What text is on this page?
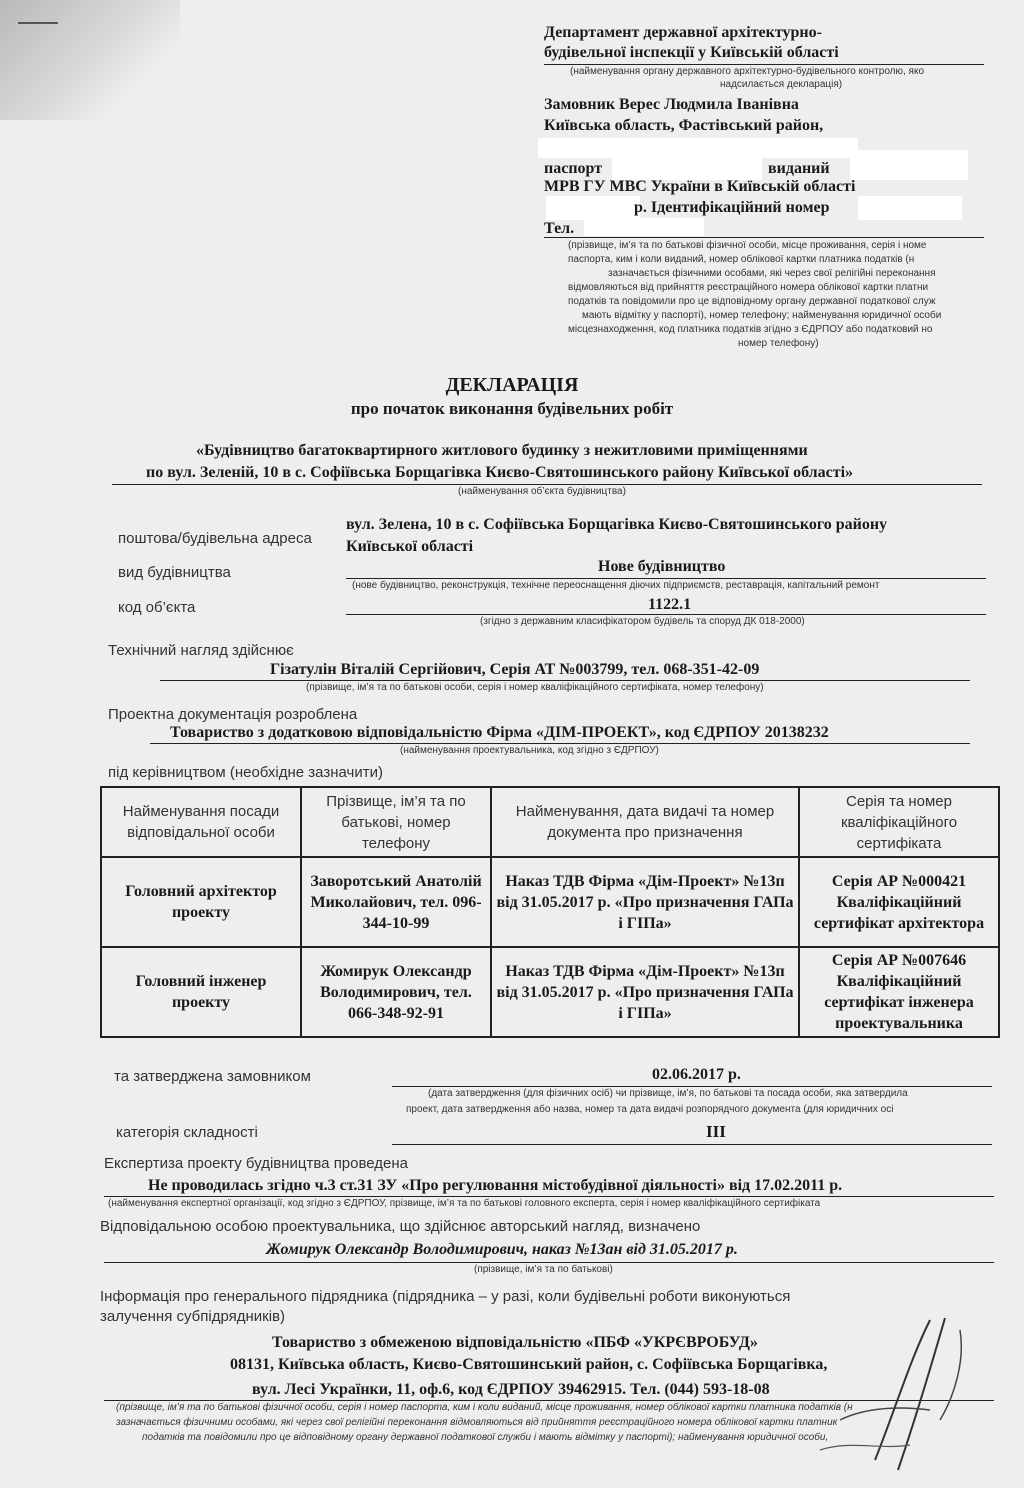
Департамент державної архітектурно-
будівельної інспекції у Київській області
(найменування органу державного архітектурно-будівельного контролю, яко
надсилається декларація)
Замовник Верес Людмила Іванівна
Київська область, Фастівський район,
паспорт	виданий
МРВ ГУ МВС України в Київській області
р. Ідентифікаційний номер
Тел.
(прізвище, ім’я та по батькові фізичної особи, місце проживання, серія і номе
паспорта, ким і коли виданий, номер облікової картки платника податків (н
зазначається фізичними особами, які через свої релігійні переконання
відмовляються від прийняття реєстраційного номера облікової картки платни
податків та повідомили про це відповідному органу державної податкової служ
мають відмітку у паспорті), номер телефону; найменування юридичної особи
місцезнаходження, код платника податків згідно з ЄДРПОУ або податковий но
номер телефону)
ДЕКЛАРАЦІЯ
про початок виконання будівельних робіт
«Будівництво багатоквартирного житлового будинку з нежитловими приміщеннями
по вул. Зеленій, 10 в с. Софіївська Борщагівка Києво-Святошинського району Київської області»
(найменування об’єкта будівництва)
поштова/будівельна адреса
вул. Зелена, 10 в с. Софіївська Борщагівка Києво-Святошинського району
Київської області
вид будівництва	Нове будівництво
(нове будівництво, реконструкція, технічне переоснащення діючих підприємств, реставрація, капітальний ремонт
код об’єкта	1122.1
(згідно з державним класифікатором будівель та споруд ДК 018-2000)
Технічний нагляд здійснює
Гізатулін Віталій Сергійович, Серія АТ №003799, тел. 068-351-42-09
(прізвище, ім’я та по батькові особи, серія і номер кваліфікаційного сертифіката, номер телефону)
Проектна документація розроблена
Товариство з додатковою відповідальністю Фірма «ДІМ-ПРОЕКТ», код ЄДРПОУ 20138232
(найменування проектувальника, код згідно з ЄДРПОУ)
під керівництвом (необхідне зазначити)
Найменування посади відповідальної особи	Прізвище, ім’я та по батькові, номер телефону	Найменування, дата видачі та номер документа про призначення	Серія та номер кваліфікаційного сертифіката
Головний архітектор проекту	Заворотський Анатолій Миколайович, тел. 096-344-10-99	Наказ ТДВ Фірма «Дім-Проект» №13п від 31.05.2017 р. «Про призначення ГАПа і ГІПа»	Серія АР №000421 Кваліфікаційний сертифікат архітектора
Головний інженер проекту	Жомирук Олександр Володимирович, тел. 066-348-92-91	Наказ ТДВ Фірма «Дім-Проект» №13п від 31.05.2017 р. «Про призначення ГАПа і ГІПа»	Серія АР №007646 Кваліфікаційний сертифікат інженера проектувальника
та затверджена замовником	02.06.2017 р.
(дата затвердження (для фізичних осіб) чи прізвище, ім’я, по батькові та посада особи, яка затвердила
проект, дата затвердження або назва, номер та дата видачі розпорядчого документа (для юридичних осі
категорія складності	III
Експертиза проекту будівництва проведена
Не проводилась згідно ч.3 ст.31 ЗУ «Про регулювання містобудівної діяльності» від 17.02.2011 р.
(найменування експертної організації, код згідно з ЄДРПОУ, прізвище, ім’я та по батькові головного експерта, серія і номер кваліфікаційного сертифіката
Відповідальною особою проектувальника, що здійснює авторський нагляд, визначено
Жомирук Олександр Володимирович, наказ №13ан від 31.05.2017 р.
(прізвище, ім’я та по батькові)
Інформація про генерального підрядника (підрядника – у разі, коли будівельні роботи виконуються
залучення субпідрядників)
Товариство з обмеженою відповідальністю «ПБФ «УКРЄВРОБУД»
08131, Київська область, Києво-Святошинський район, с. Софіївська Борщагівка,
вул. Лесі Українки, 11, оф.6, код ЄДРПОУ 39462915. Тел. (044) 593-18-08
(прізвище, ім’я та по батькові фізичної особи, серія і номер паспорта, ким і коли виданий, місце проживання, номер облікової картки платника податків (н
зазначається фізичними особами, які через свої релігійні переконання відмовляються від прийняття реєстраційного номера облікової картки платник
податків та повідомили про це відповідному органу державної податкової служби і мають відмітку у паспорті); найменування юридичної особи,
